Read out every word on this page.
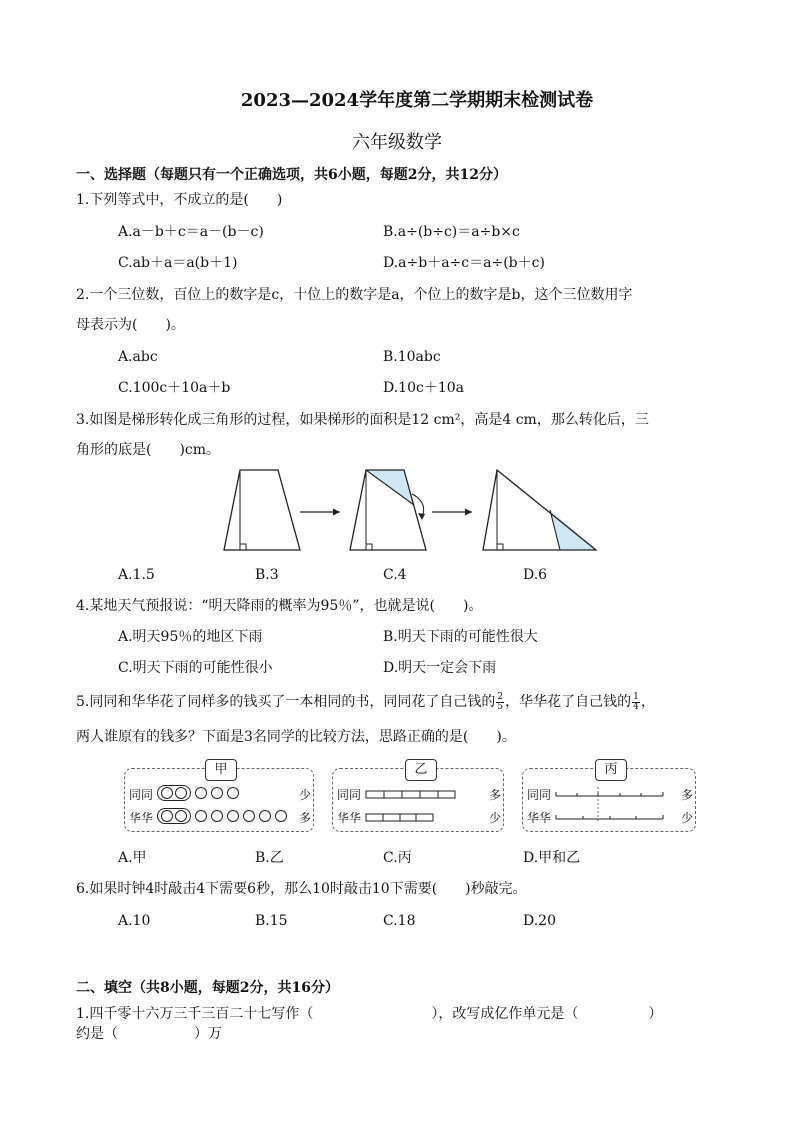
2023—2024学年度第二学期期末检测试卷
六年级数学
一、选择题（每题只有一个正确选项，共6小题，每题2分，共12分）
1.下列等式中，不成立的是(　　)
A.a－b＋c＝a－(b－c)	B.a÷(b÷c)＝a÷b×c
C.ab＋a＝a(b＋1)	D.a÷b＋a÷c＝a÷(b＋c)
2.一个三位数，百位上的数字是c，十位上的数字是a，个位上的数字是b，这个三位数用字
母表示为(　　)。
A.abc	B.10abc
C.100c＋10a＋b	D.10c＋10a
3.如图是梯形转化成三角形的过程，如果梯形的面积是12 cm²，高是4 cm，那么转化后，三
角形的底是(　　)cm。
A.1.5	B.3	C.4	D.6
4.某地天气预报说：“明天降雨的概率为95％”，也就是说(　　)。
A.明天95％的地区下雨	B.明天下雨的可能性很大
C.明天下雨的可能性很小	D.明天一定会下雨
5.同同和华华花了同样多的钱买了一本相同的书，同同花了自己钱的 $\frac{2}{5}$ ，华华花了自己钱的 $\frac{1}{4}$ ，
两人谁原有的钱多？下面是3名同学的比较方法，思路正确的是(　　)。
甲
同同
华华
少
多
乙
同同
华华
多
少
丙
同同
华华
多
少
A.甲	B.乙	C.丙	D.甲和乙
6.如果时钟4时敲击4下需要6秒，那么10时敲击10下需要(　　)秒敲完。
A.10	B.15	C.18	D.20
二、填空（共8小题，每题2分，共16分）
1.四千零十六万三千三百二十七写作（	），改写成亿作单元是（	）
约是（	）万
